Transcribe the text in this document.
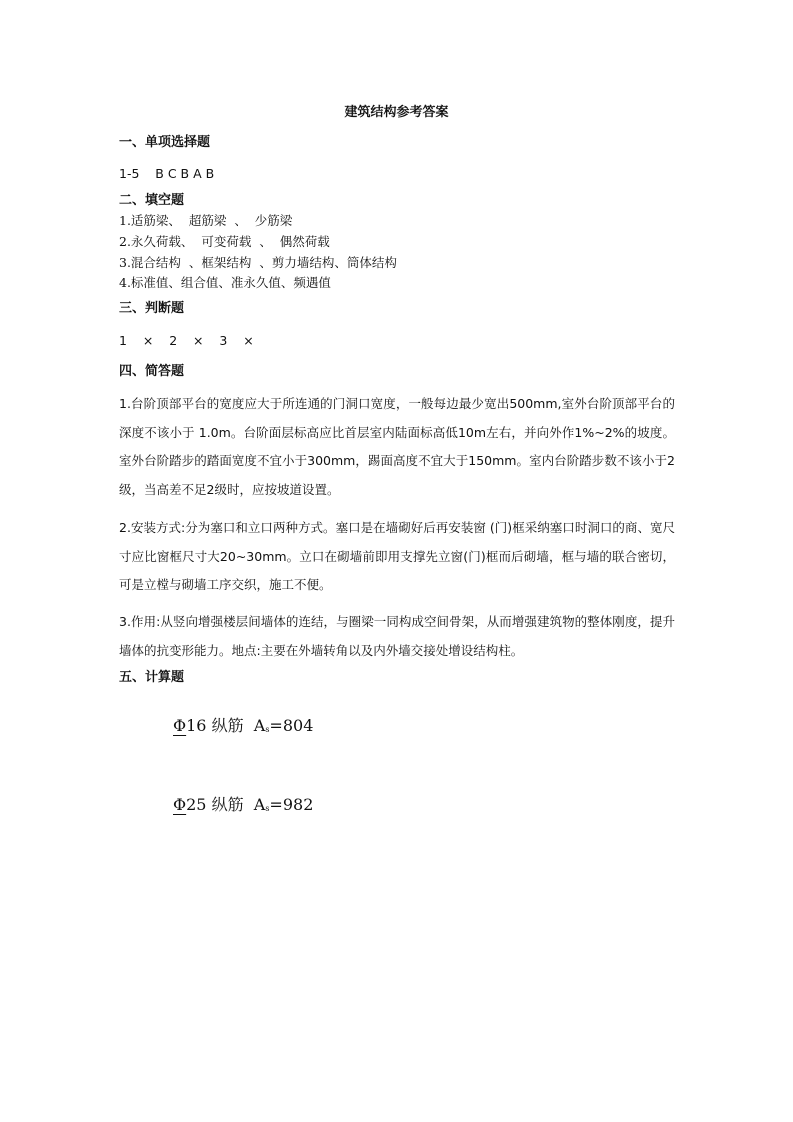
建筑结构参考答案
一、单项选择题
1-5    B C B A B
二、填空题
1.适筋梁、  超筋梁  、  少筋梁
2.永久荷载、  可变荷载  、  偶然荷载
3.混合结构  、框架结构  、剪力墙结构、筒体结构
4.标准值、组合值、准永久值、频遇值
三、判断题
1    ×    2    ×    3    ×
四、简答题
1.台阶顶部平台的宽度应大于所连通的门洞口宽度，一般每边最少宽出500mm,室外台阶顶部平台的深度不该小于 1.0m。台阶面层标高应比首层室内陆面标高低10m左右，并向外作1%~2%的坡度。室外台阶踏步的踏面宽度不宜小于300mm，踢面高度不宜大于150mm。室内台阶踏步数不该小于2级，当高差不足2级时，应按坡道设置。
2.安装方式:分为塞口和立口两种方式。塞口是在墙砌好后再安装窗 (门)框采纳塞口时洞口的商、宽尺寸应比窗框尺寸大20~30mm。立口在砌墙前即用支撑先立窗(门)框而后砌墙，框与墙的联合密切，可是立樘与砌墙工序交织，施工不便。
3.作用:从竖向增强楼层间墙体的连结，与圈梁一同构成空间骨架，从而增强建筑物的整体刚度，提升墙体的抗变形能力。地点:主要在外墙转角以及内外墙交接处增设结构柱。
五、计算题
Φ16 纵筋  As=804
Φ25 纵筋  As=982
